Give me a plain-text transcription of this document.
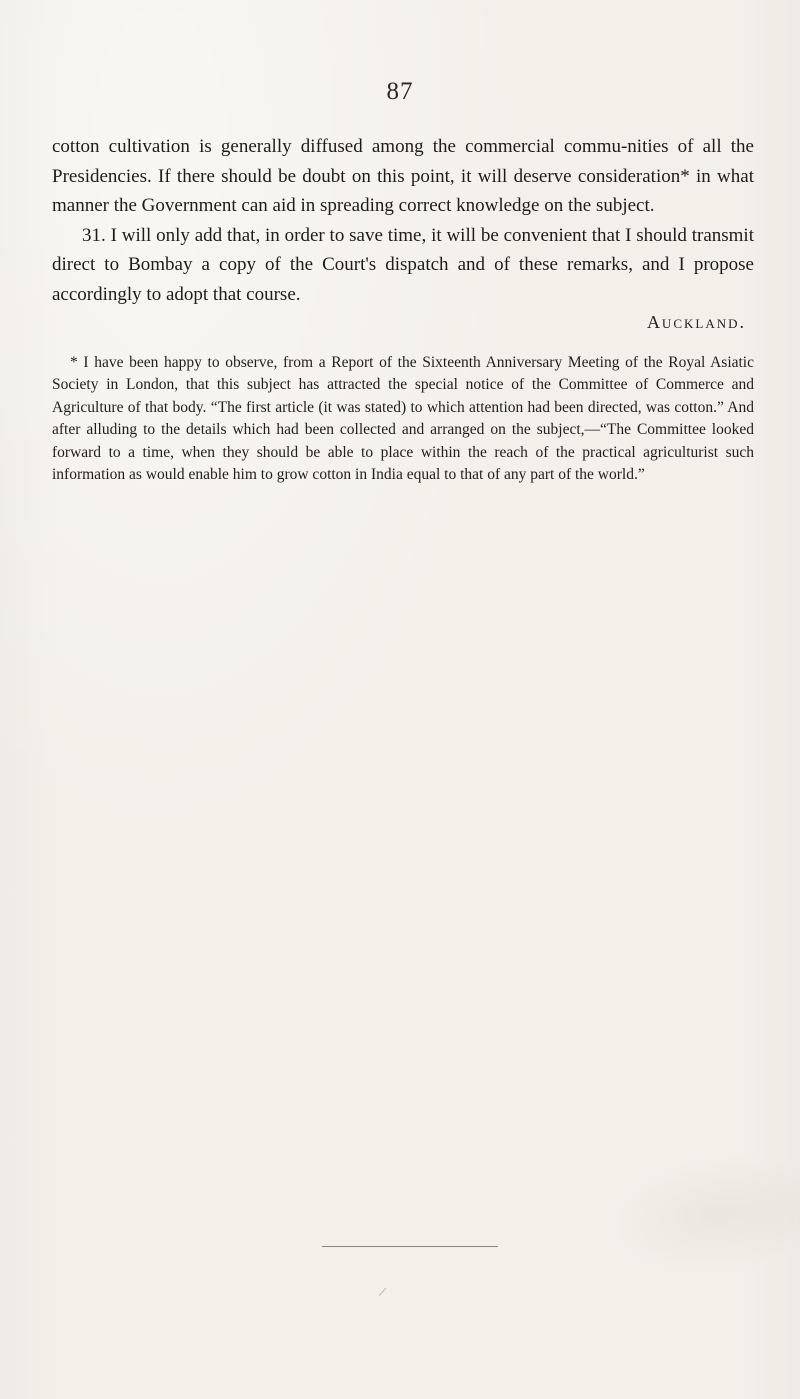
87

cotton cultivation is generally diffused among the commercial commu-nities of all the Presidencies. If there should be doubt on this point, it will deserve consideration* in what manner the Government can aid in spreading correct knowledge on the subject.

31. I will only add that, in order to save time, it will be convenient that I should transmit direct to Bombay a copy of the Court's dispatch and of these remarks, and I propose accordingly to adopt that course.

Auckland.

* I have been happy to observe, from a Report of the Sixteenth Anniversary Meeting of the Royal Asiatic Society in London, that this subject has attracted the special notice of the Committee of Commerce and Agriculture of that body. “The first article (it was stated) to which attention had been directed, was cotton.” And after alluding to the details which had been collected and arranged on the subject,—“The Committee looked forward to a time, when they should be able to place within the reach of the practical agriculturist such information as would enable him to grow cotton in India equal to that of any part of the world.”
